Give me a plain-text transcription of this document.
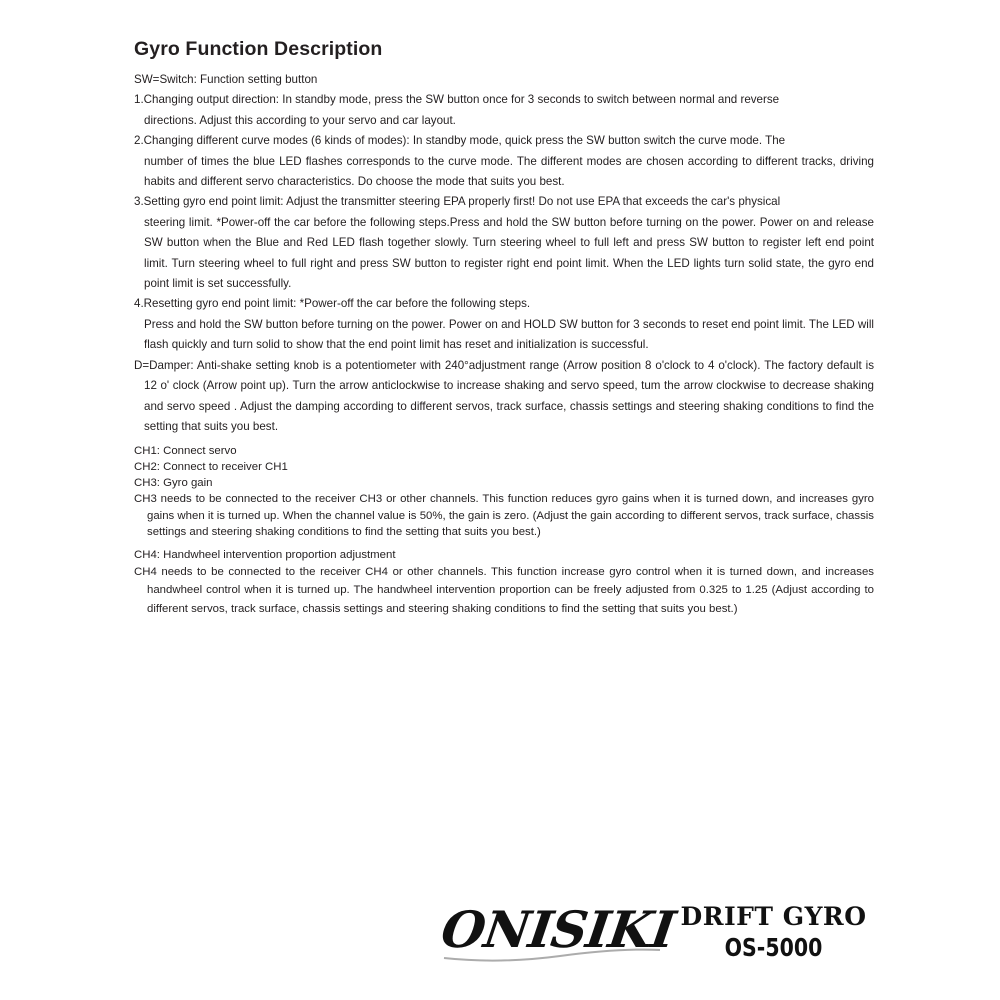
Gyro Function Description
SW=Switch: Function setting button
1.Changing output direction: In standby mode, press the SW button once for 3 seconds to switch between normal and reverse
directions. Adjust this according to your servo and car layout.
2.Changing different curve modes (6 kinds of modes): In standby mode, quick press the SW button switch the curve mode. The
number of times the blue LED flashes corresponds to the curve mode. The different modes are chosen according to different tracks, driving habits and different servo characteristics. Do choose the mode that suits you best.
3.Setting gyro end point limit: Adjust the transmitter steering EPA properly first! Do not use EPA that exceeds the car's physical
steering limit. *Power-off the car before the following steps.Press and hold the SW button before turning on the power. Power on and release SW button when the Blue and Red LED flash together slowly. Turn steering wheel to full left and press SW button to register left end point limit. Turn steering wheel to full right and press SW button to register right end point limit. When the LED lights turn solid state, the gyro end point limit is set successfully.
4.Resetting gyro end point limit: *Power-off the car before the following steps.
Press and hold the SW button before turning on the power. Power on and HOLD SW button for 3 seconds to reset end point limit. The LED will flash quickly and turn solid to show that the end point limit has reset and initialization is successful.
D=Damper: Anti-shake setting knob is a potentiometer with 240°adjustment range (Arrow position 8 o'clock to 4 o'clock). The factory default is 12 o' clock (Arrow point up). Turn the arrow anticlockwise to increase shaking and servo speed, tum the arrow clockwise to decrease shaking and servo speed . Adjust the damping according to different servos, track surface, chassis settings and steering shaking conditions to find the setting that suits you best.
CH1: Connect servo
CH2: Connect to receiver CH1
CH3: Gyro gain
CH3 needs to be connected to the receiver CH3 or other channels. This function reduces gyro gains when it is turned down, and increases gyro gains when it is turned up. When the channel value is 50%, the gain is zero. (Adjust the gain according to different servos, track surface, chassis settings and steering shaking conditions to find the setting that suits you best.)
CH4: Handwheel intervention proportion adjustment
CH4 needs to be connected to the receiver CH4 or other channels. This function increase gyro control when it is turned down, and increases handwheel control when it is turned up. The handwheel intervention proportion can be freely adjusted from 0.325 to 1.25 (Adjust according to different servos, track surface, chassis settings and steering shaking conditions to find the setting that suits you best.)
ONISIKI DRIFT GYRO
OS-5000
